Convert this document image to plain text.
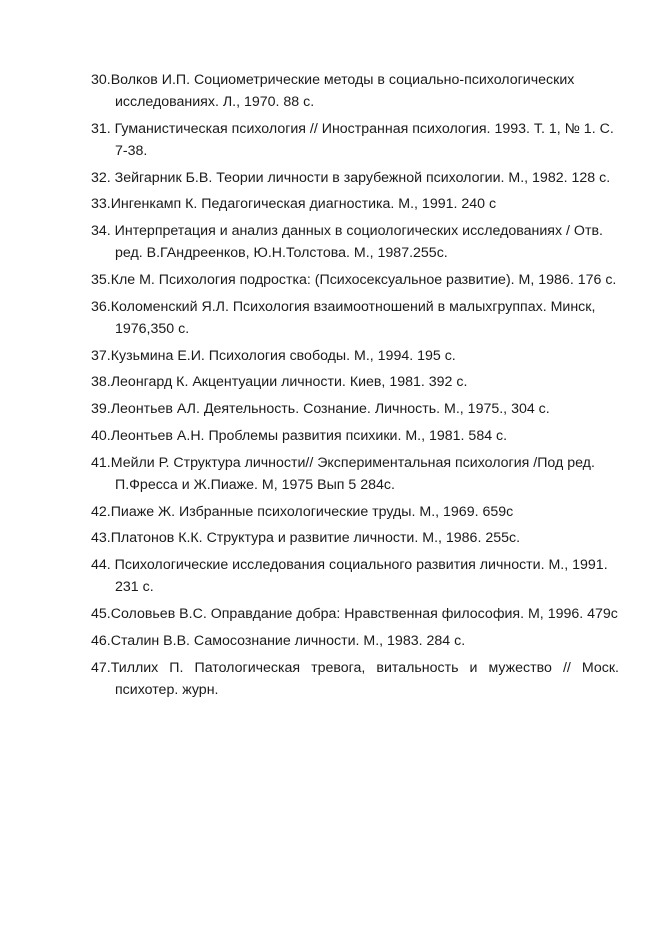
30.Волков И.П. Социометрические методы в социально-психологических исследованиях. Л., 1970. 88 с.
31. Гуманистическая психология // Иностранная психология. 1993. Т. 1, № 1. С. 7-38.
32. Зейгарник Б.В. Теории личности в зарубежной психологии. М., 1982. 128 с.
33.Ингенкамп К. Педагогическая диагностика. М., 1991. 240 с
34. Интерпретация и анализ данных в социологических исследованиях / Отв. ред. В.ГАндреенков, Ю.Н.Толстова. М., 1987.255с.
35.Кле М. Психология подростка: (Психосексуальное развитие). М, 1986. 176 с.
36.Коломенский Я.Л. Психология взаимоотношений в малыхгруппах. Минск, 1976,350 с.
37.Кузьмина Е.И. Психология свободы. М., 1994. 195 с.
38.Леонгард К. Акцентуации личности. Киев, 1981. 392 с.
39.Леонтьев АЛ. Деятельность. Сознание. Личность. М., 1975., 304 с.
40.Леонтьев А.Н. Проблемы развития психики. М., 1981. 584 с.
41.Мейли Р. Структура личности// Экспериментальная психология /Под ред. П.Фресса и Ж.Пиаже. М, 1975 Вып 5 284с.
42.Пиаже Ж. Избранные психологические труды. М., 1969. 659с
43.Платонов К.К. Структура и развитие личности. М., 1986. 255с.
44. Психологические исследования социального развития личности. М., 1991. 231 с.
45.Соловьев В.С. Оправдание добра: Нравственная философия. М, 1996. 479с
46.Сталин В.В. Самосознание личности. М., 1983. 284 с.
47.Тиллих П. Патологическая тревога, витальность и мужество // Моск. психотер. журн.
